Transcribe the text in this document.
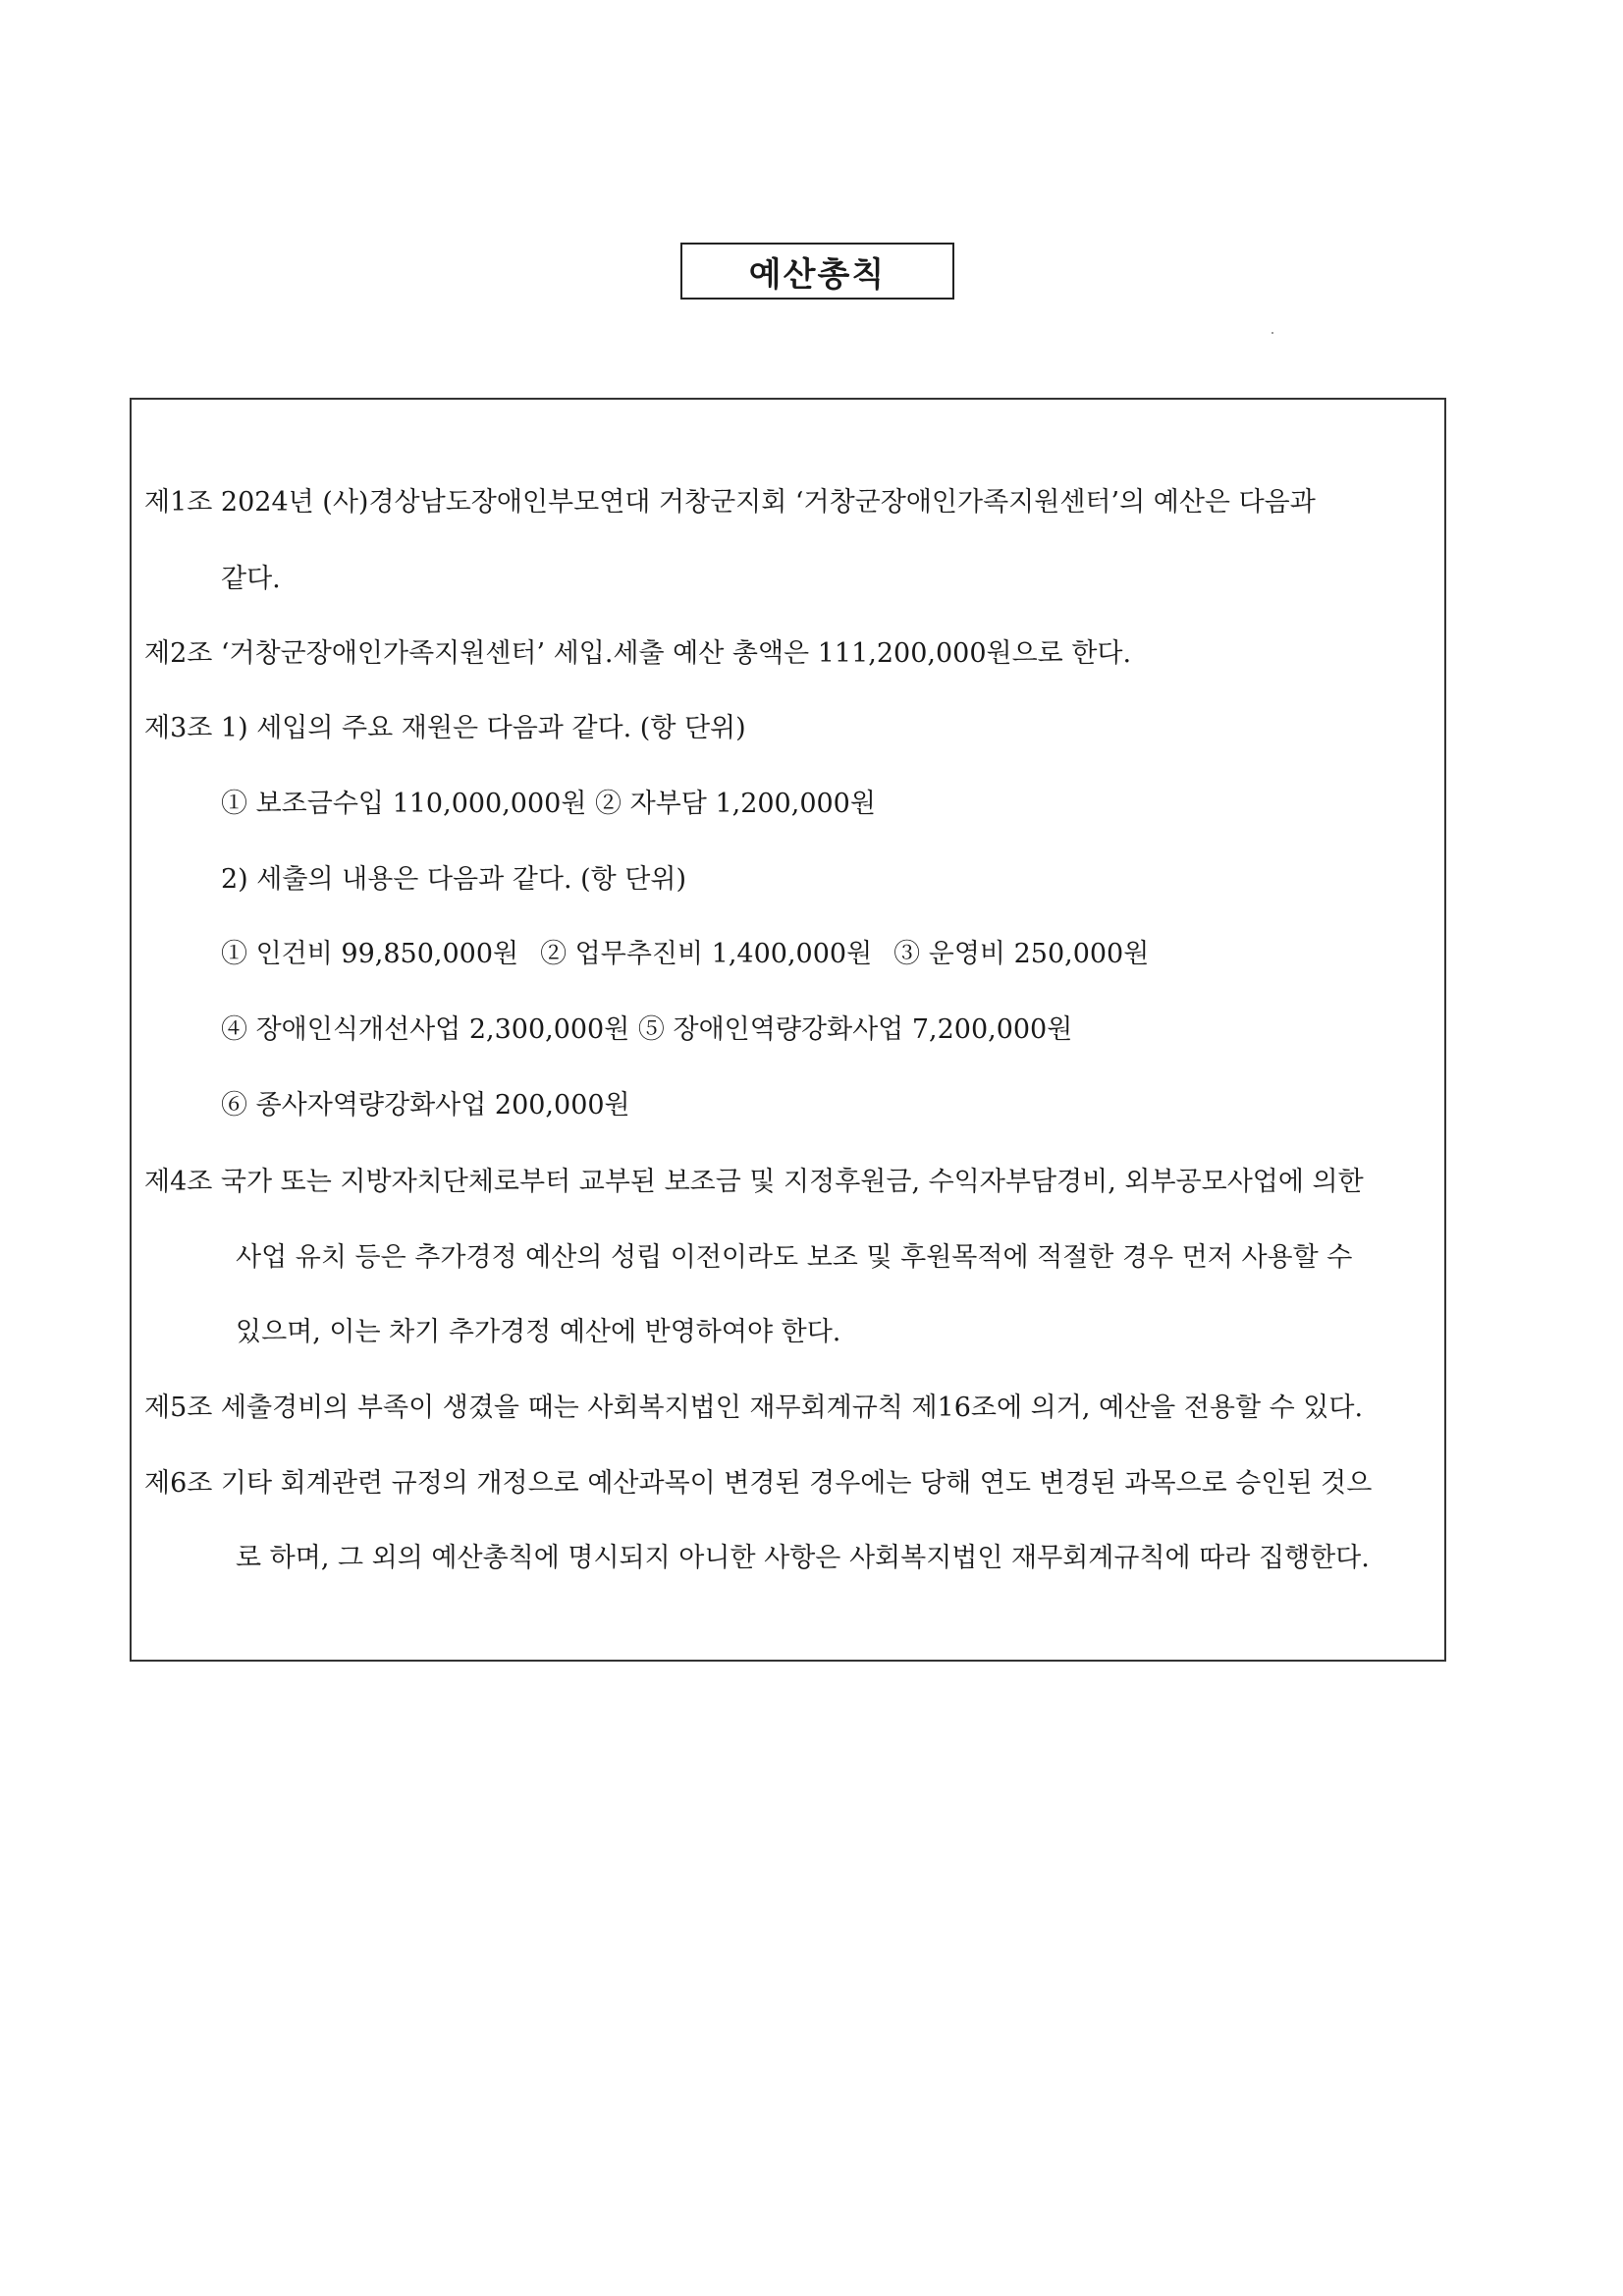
예산총칙
제1조 2024년 (사)경상남도장애인부모연대 거창군지회 ‘거창군장애인가족지원센터’의 예산은 다음과
같다.
제2조 ‘거창군장애인가족지원센터’ 세입.세출 예산 총액은 111,200,000원으로 한다.
제3조 1) 세입의 주요 재원은 다음과 같다. (항 단위)
① 보조금수입 110,000,000원 ② 자부담 1,200,000원
2) 세출의 내용은 다음과 같다. (항 단위)
① 인건비 99,850,000원 ② 업무추진비 1,400,000원 ③ 운영비 250,000원
④ 장애인식개선사업 2,300,000원 ⑤ 장애인역량강화사업 7,200,000원
⑥ 종사자역량강화사업 200,000원
제4조 국가 또는 지방자치단체로부터 교부된 보조금 및 지정후원금, 수익자부담경비, 외부공모사업에 의한
사업 유치 등은 추가경정 예산의 성립 이전이라도 보조 및 후원목적에 적절한 경우 먼저 사용할 수
있으며, 이는 차기 추가경정 예산에 반영하여야 한다.
제5조 세출경비의 부족이 생겼을 때는 사회복지법인 재무회계규칙 제16조에 의거, 예산을 전용할 수 있다.
제6조 기타 회계관련 규정의 개정으로 예산과목이 변경된 경우에는 당해 연도 변경된 과목으로 승인된 것으
로 하며, 그 외의 예산총칙에 명시되지 아니한 사항은 사회복지법인 재무회계규칙에 따라 집행한다.
